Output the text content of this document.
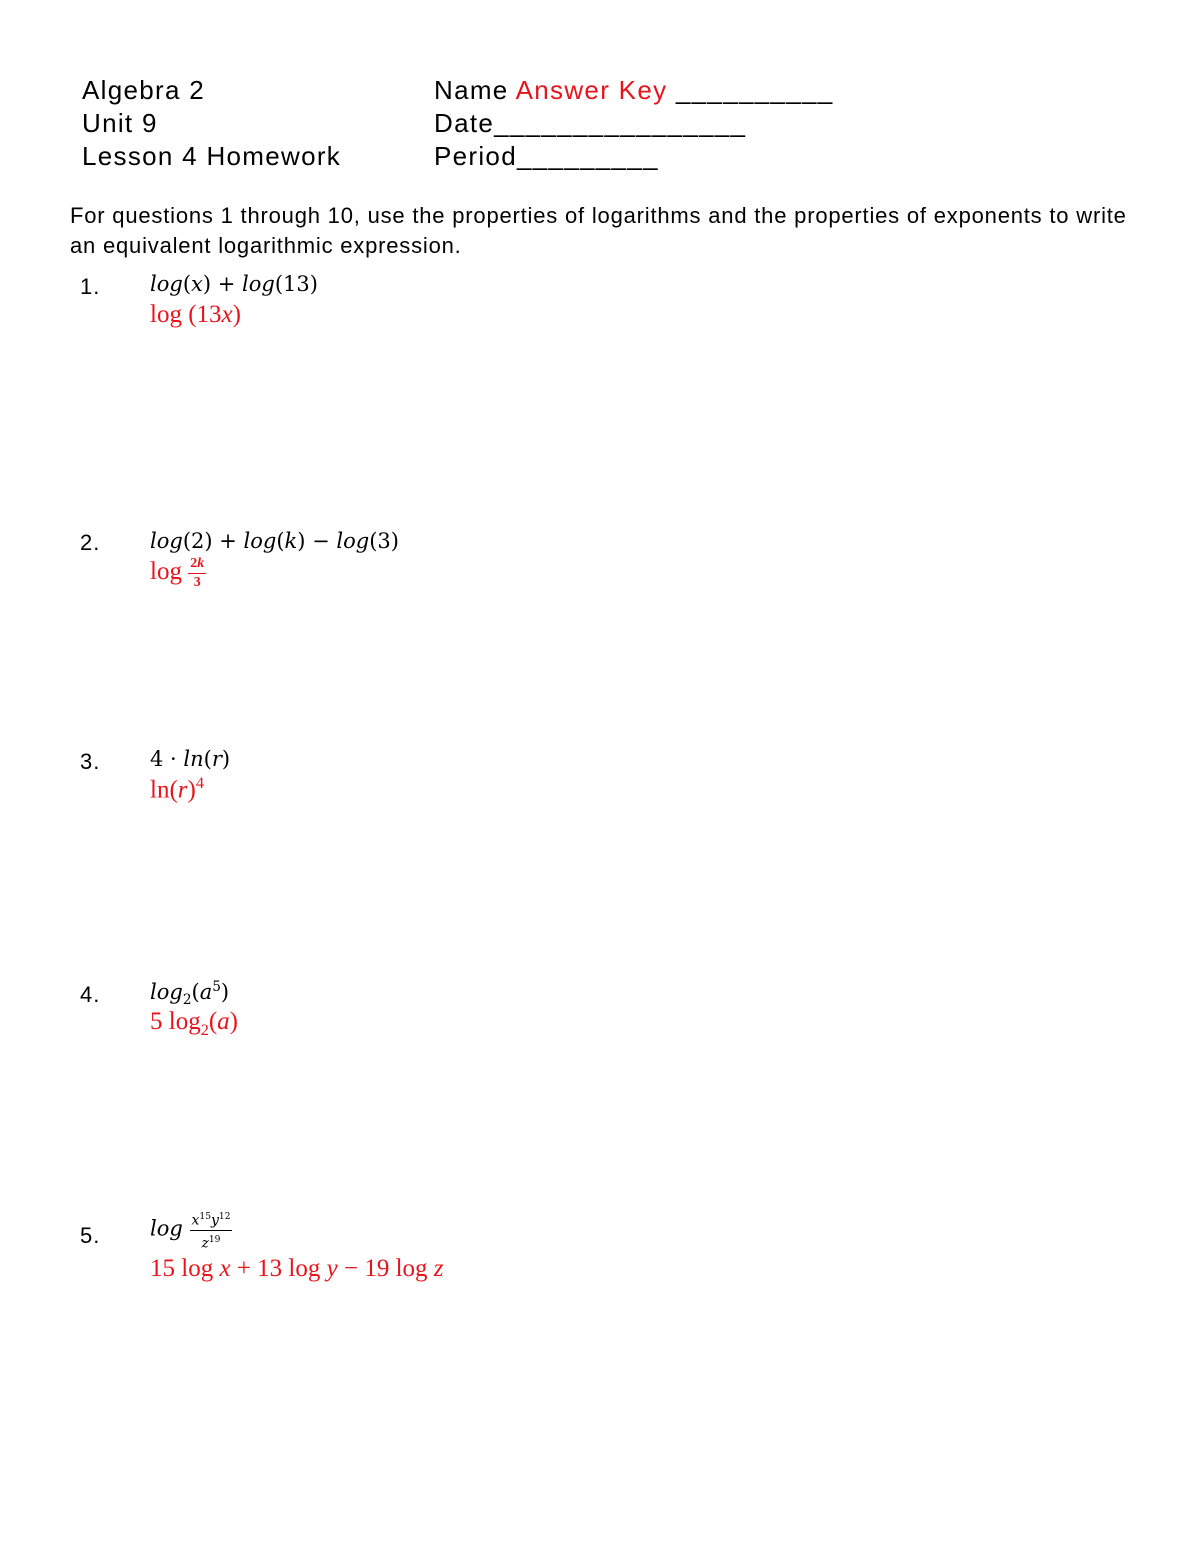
Algebra 2
Unit 9
Lesson 4 Homework
Name Answer Key __________
Date________________
Period_________
For questions 1 through 10, use the properties of logarithms and the properties of exponents to write an equivalent logarithmic expression.
1. log(x) + log(13)
log (13x)
2. log(2) + log(k) − log(3)
$\log \frac{2k}{3}$
3. 4 · ln(r)
$\ln(r)^4$
4. $\log_2(a^5)$
5 $\log_2(a)$
5. $\log \frac{x^{15}y^{12}}{z^{19}}$
15 log x + 13 log y − 19 log z
